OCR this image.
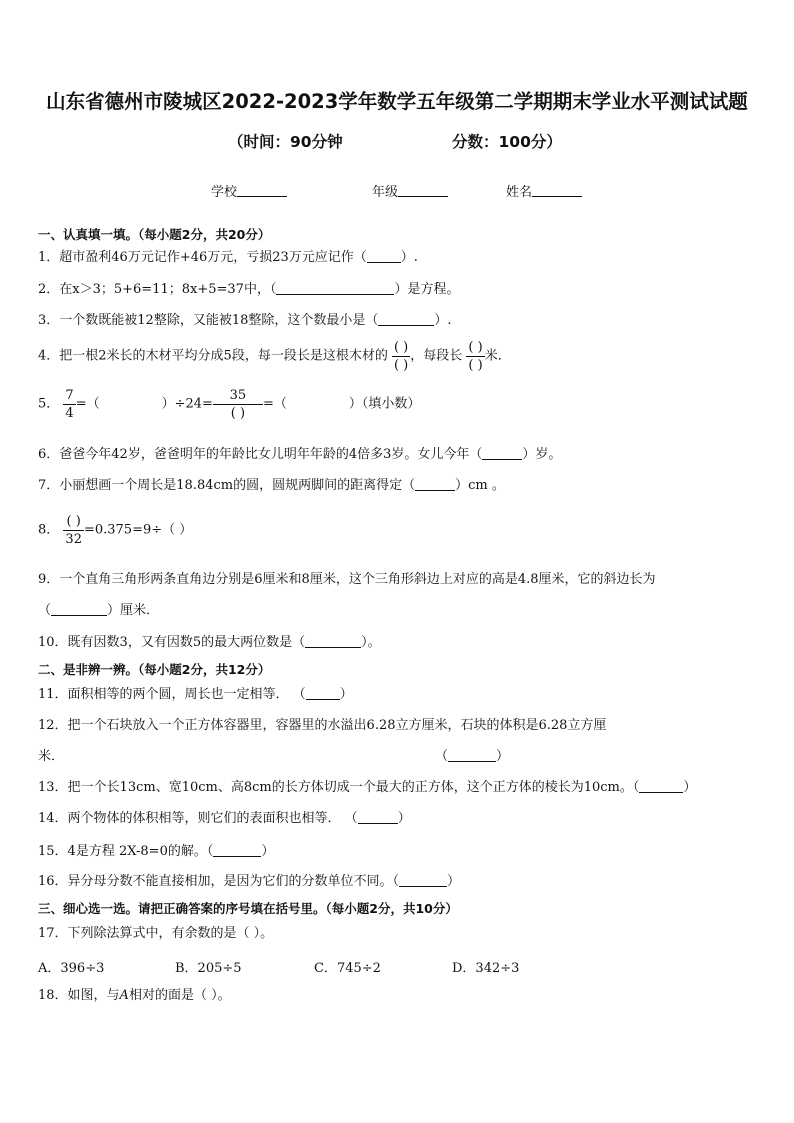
山东省德州市陵城区2022-2023学年数学五年级第二学期期末学业水平测试试题
（时间：90分钟	分数：100分）
学校	年级	姓名
一、认真填一填。（每小题2分，共20分）
1．超市盈利46万元记作+46万元，亏损23万元应记作（	）.
2．在x＞3；5+6=11；8x+5=37中，（	）是方程。
3．一个数既能被12整除，又能被18整除，这个数最小是（	）.
4．把一根2米长的木材平均分成5段，每一段长是这根木材的 $\frac{( )}{( )}$ ，每段长 $\frac{( )}{( )}$ 米．
5． $\frac{7}{4}$ =（	）$\div 24= \frac{35}{( )}$ =（	）（填小数）
6．爸爸今年42岁，爸爸明年的年龄比女儿明年年龄的4倍多3岁。女儿今年（	）岁。
7．小丽想画一个周长是18.84cm的圆，圆规两脚间的距离得定（	）cm 。
8． $\frac{( )}{32} =0.375=9\div$（ ）
9．一个直角三角形两条直角边分别是6厘米和8厘米，这个三角形斜边上对应的高是4.8厘米，它的斜边长为
（	）厘米．
10．既有因数3，又有因数5的最大两位数是（	）。
二、是非辨一辨。（每小题2分，共12分）
11．面积相等的两个圆，周长也一定相等． （	）
12．把一个石块放入一个正方体容器里，容器里的水溢出6.28立方厘米，石块的体积是6.28立方厘
米．	（	）
13．把一个长13cm、宽10cm、高8cm的长方体切成一个最大的正方体，这个正方体的棱长为10cm。（	）
14．两个物体的体积相等，则它们的表面积也相等． （	）
15．4是方程 2X-8=0的解。（	）
16．异分母分数不能直接相加，是因为它们的分数单位不同。（	）
三、细心选一选。请把正确答案的序号填在括号里。（每小题2分，共10分）
17．下列除法算式中，有余数的是（ ）。
A．396÷3	B．205÷5	C．745÷2	D．342÷3
18．如图，与A相对的面是（ ）。
